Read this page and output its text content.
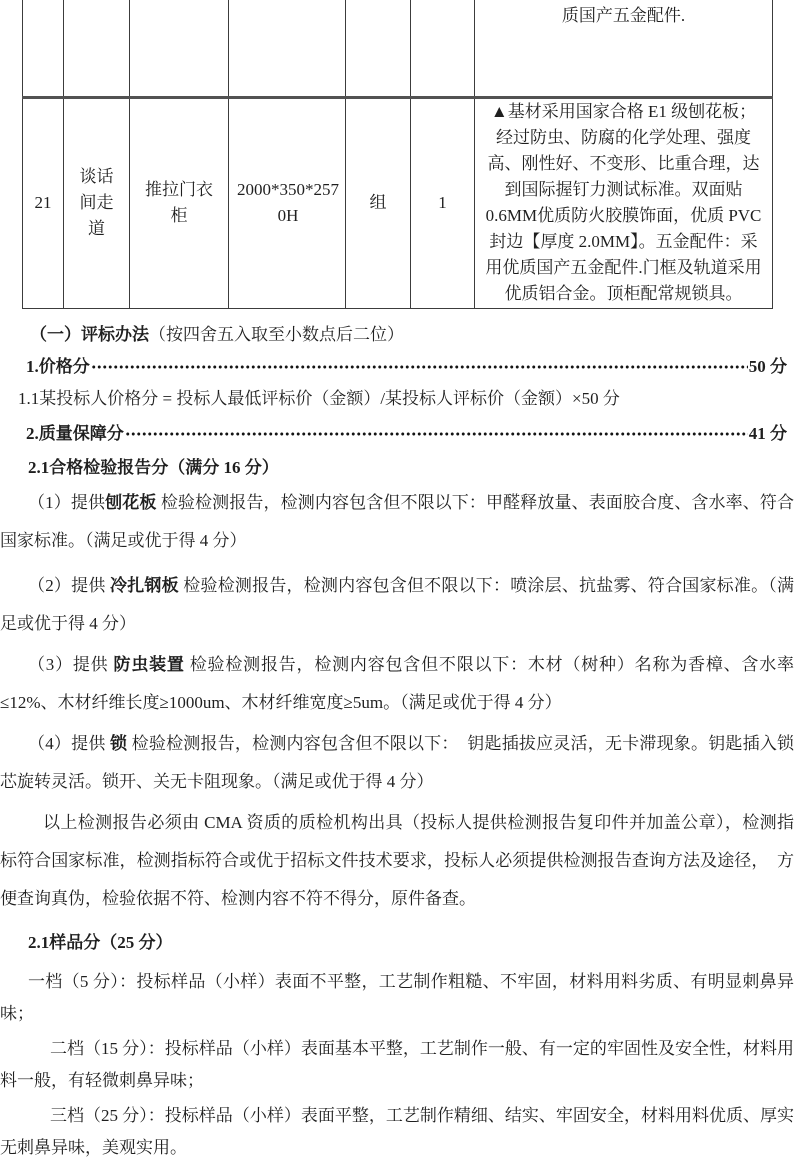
						质国产五金配件.
21	谈话间走道	推拉门衣柜	2000*350*2570H	组	1	▲基材采用国家合格 E1 级刨花板；经过防虫、防腐的化学处理、强度高、刚性好、不变形、比重合理，达到国际握钉力测试标准。双面贴 0.6MM优质防火胶膜饰面，优质 PVC 封边【厚度 2.0MM】。五金配件：采用优质国产五金配件.门框及轨道采用优质铝合金。顶柜配常规锁具。
（一）评标办法（按四舍五入取至小数点后二位）
1.价格分	50 分
1.1某投标人价格分 = 投标人最低评标价（金额）/某投标人评标价（金额）×50 分
2.质量保障分	41 分
2.1合格检验报告分（满分 16 分）
（1）提供刨花板 检验检测报告，检测内容包含但不限以下：甲醛释放量、表面胶合度、含水率、符合国家标准。（满足或优于得 4 分）
（2）提供 冷扎钢板 检验检测报告，检测内容包含但不限以下：喷涂层、抗盐雾、符合国家标准。（满足或优于得 4 分）
（3）提供 防虫装置 检验检测报告，检测内容包含但不限以下：木材（树种）名称为香樟、含水率≤12%、木材纤维长度≥1000um、木材纤维宽度≥5um。（满足或优于得 4 分）
（4）提供 锁 检验检测报告，检测内容包含但不限以下：　钥匙插拔应灵活，无卡滞现象。钥匙插入锁芯旋转灵活。锁开、关无卡阻现象。（满足或优于得 4 分）
以上检测报告必须由 CMA 资质的质检机构出具（投标人提供检测报告复印件并加盖公章），检测指标符合国家标准，检测指标符合或优于招标文件技术要求，投标人必须提供检测报告查询方法及途径，　方便查询真伪，检验依据不符、检测内容不符不得分，原件备查。
2.1样品分（25 分）
一档（5 分）：投标样品（小样）表面不平整，工艺制作粗糙、不牢固，材料用料劣质、有明显刺鼻异味；
二档（15 分）：投标样品（小样）表面基本平整，工艺制作一般、有一定的牢固性及安全性，材料用料一般，有轻微刺鼻异味；
三档（25 分）：投标样品（小样）表面平整，工艺制作精细、结实、牢固安全，材料用料优质、厚实无刺鼻异味，美观实用。
